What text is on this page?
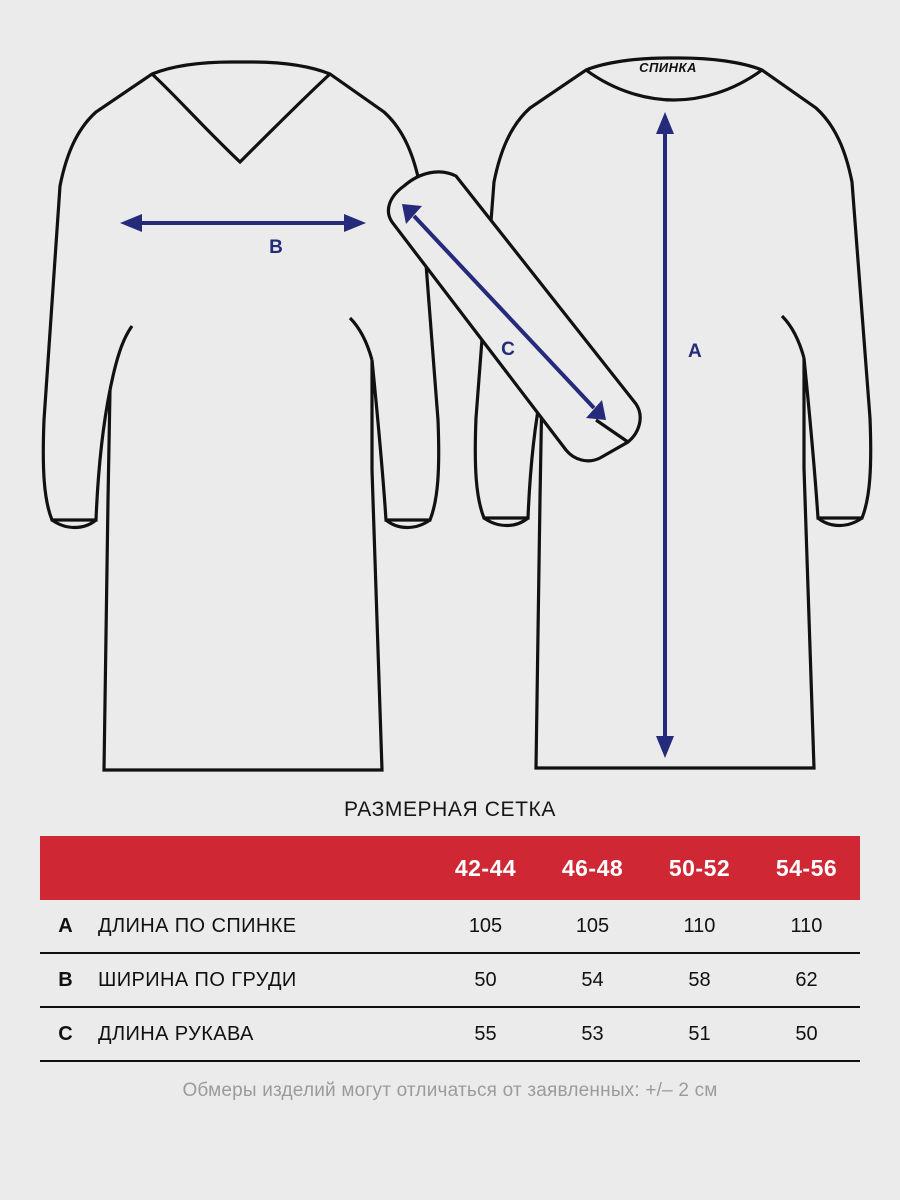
B
СПИНКА
C	A
РАЗМЕРНАЯ СЕТКА
		42-44	46-48	50-52	54-56
A	ДЛИНА ПО СПИНКЕ	105	105	110	110
B	ШИРИНА ПО ГРУДИ	50	54	58	62
C	ДЛИНА РУКАВА	55	53	51	50
Обмеры изделий могут отличаться от заявленных: +/– 2 см
